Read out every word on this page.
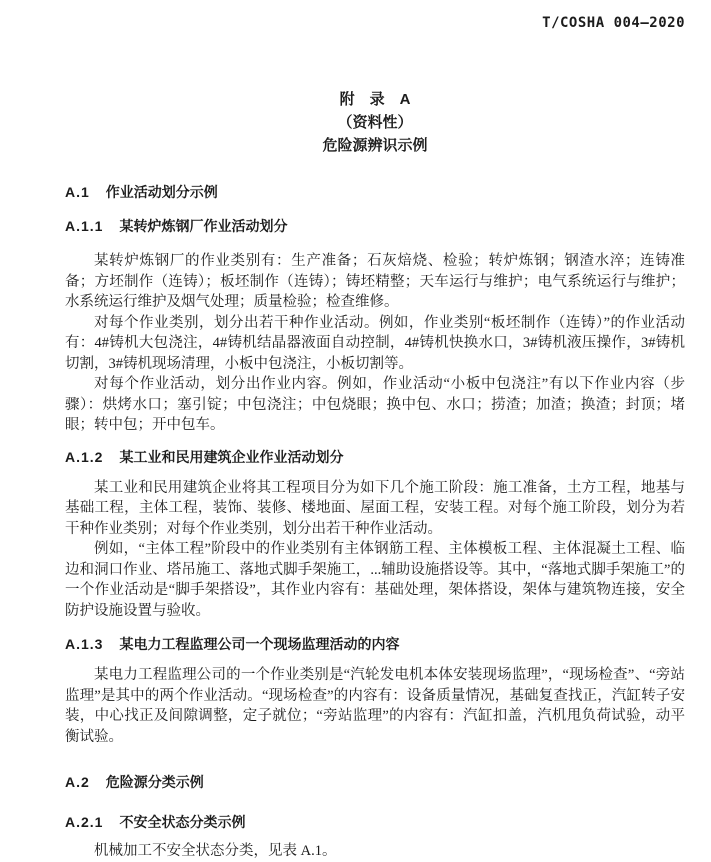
T/COSHA 004—2020
附　录　A
（资料性）
危险源辨识示例
A.1 作业活动划分示例
A.1.1 某转炉炼钢厂作业活动划分

某转炉炼钢厂的作业类别有：生产准备；石灰焙烧、检验；转炉炼钢；钢渣水淬；连铸准备；方坯制作（连铸）；板坯制作（连铸）；铸坯精整；天车运行与维护；电气系统运行与维护；水系统运行维护及烟气处理；质量检验；检查维修。

对每个作业类别，划分出若干种作业活动。例如，作业类别“板坯制作（连铸）”的作业活动有：4#铸机大包浇注，4#铸机结晶器液面自动控制，4#铸机快换水口，3#铸机液压操作，3#铸机切割，3#铸机现场清理，小板中包浇注，小板切割等。

对每个作业活动，划分出作业内容。例如，作业活动“小板中包浇注”有以下作业内容（步骤）：烘烤水口；塞引锭；中包浇注；中包烧眼；换中包、水口；捞渣；加渣；换渣；封顶；堵眼；转中包；开中包车。

A.1.2 某工业和民用建筑企业作业活动划分

某工业和民用建筑企业将其工程项目分为如下几个施工阶段：施工准备，土方工程，地基与基础工程，主体工程，装饰、装修、楼地面、屋面工程，安装工程。对每个施工阶段，划分为若干种作业类别；对每个作业类别，划分出若干种作业活动。

例如，“主体工程”阶段中的作业类别有主体钢筋工程、主体模板工程、主体混凝土工程、临边和洞口作业、塔吊施工、落地式脚手架施工，...辅助设施搭设等。其中，“落地式脚手架施工”的一个作业活动是“脚手架搭设”，其作业内容有：基础处理，架体搭设，架体与建筑物连接，安全防护设施设置与验收。

A.1.3 某电力工程监理公司一个现场监理活动的内容

某电力工程监理公司的一个作业类别是“汽轮发电机本体安装现场监理”，“现场检查”、“旁站监理”是其中的两个作业活动。“现场检查”的内容有：设备质量情况，基础复查找正，汽缸转子安装，中心找正及间隙调整，定子就位；“旁站监理”的内容有：汽缸扣盖，汽机甩负荷试验，动平衡试验。

A.2 危险源分类示例
A.2.1 不安全状态分类示例

机械加工不安全状态分类，见表 A.1。
